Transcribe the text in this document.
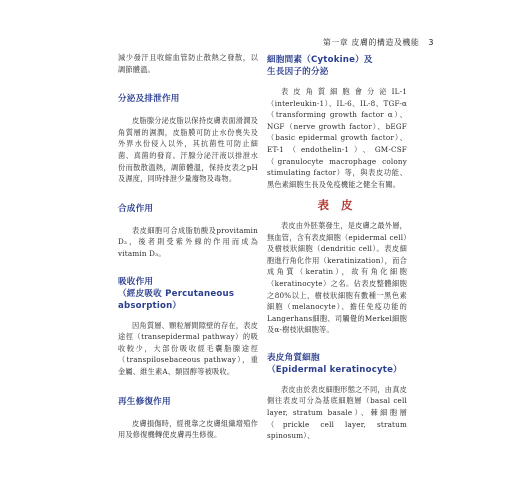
第一章 皮膚的構造及機能 3

減少發汗且收縮血管防止散熱之發散，以調節體溫。

分泌及排泄作用

皮脂腺分泌皮脂以保持皮膚表面滑潤及角質層的濕潤，皮脂膜可防止水份喪失及外界水份侵入以外，其抗菌性可防止細菌、真菌的發育。汗腺分泌汗液以排泄水份而散散溫熱，調節體溫，保持皮表之pH及濕度，同時排泄少量廢物及毒物。

合成作用

表皮細胞可合成脂肪酸及provitamin D₃，後者則受紫外線的作用而成為vitamin D₃。

吸收作用
（經皮吸收 Percutaneous absorption）

因角質層、顆粒層間隙壁的存在，表皮途徑（transepidermal pathway）的吸收較少，大部份吸收經毛囊脂腺途徑（transpilosebaceous pathway），重金屬、維生素A、類固醇等被吸收。

再生修復作用

皮膚損傷時，經視靠之皮膚組織增殖作用及修復機轉使皮膚再生修復。

細胞間素（Cytokine）及
生長因子的分泌

表皮角質細胞會分泌IL-1（interleukin-1）、IL-6、IL-8、TGF-α（transforming growth factor α）、NGF（nerve growth factor）、bEGF（basic epidermal growth factor）、ET-1（endothelin-1）、GM-CSF（granulocyte macrophage colony stimulating factor）等，與表皮功能、黑色素細胞生長及免疫機能之健全有關。

表 皮

表皮由外胚葉發生，是皮膚之最外層，無血管，含有表皮細胞（epidermal cell）及樹枝狀細胞（dendritic cell）。表皮細胞進行角化作用（keratinization），而合成角質（keratin），故有角化細胞（keratinocyte）之名。佔表皮整體細胞之80%以上，樹枝狀細胞有數種一黑色素細胞（melanocyte）、擔任免疫功能的Langerhans細胞、司觸覺的Merkel細胞及α-樹枝狀細胞等。

表皮角質細胞
（Epidermal keratinocyte）

表皮由於表皮細胞形態之不同，由真皮側往表皮可分為基底細胞層（basal cell layer, stratum basale）、棘細胞層（prickle cell layer, stratum spinosum）、
